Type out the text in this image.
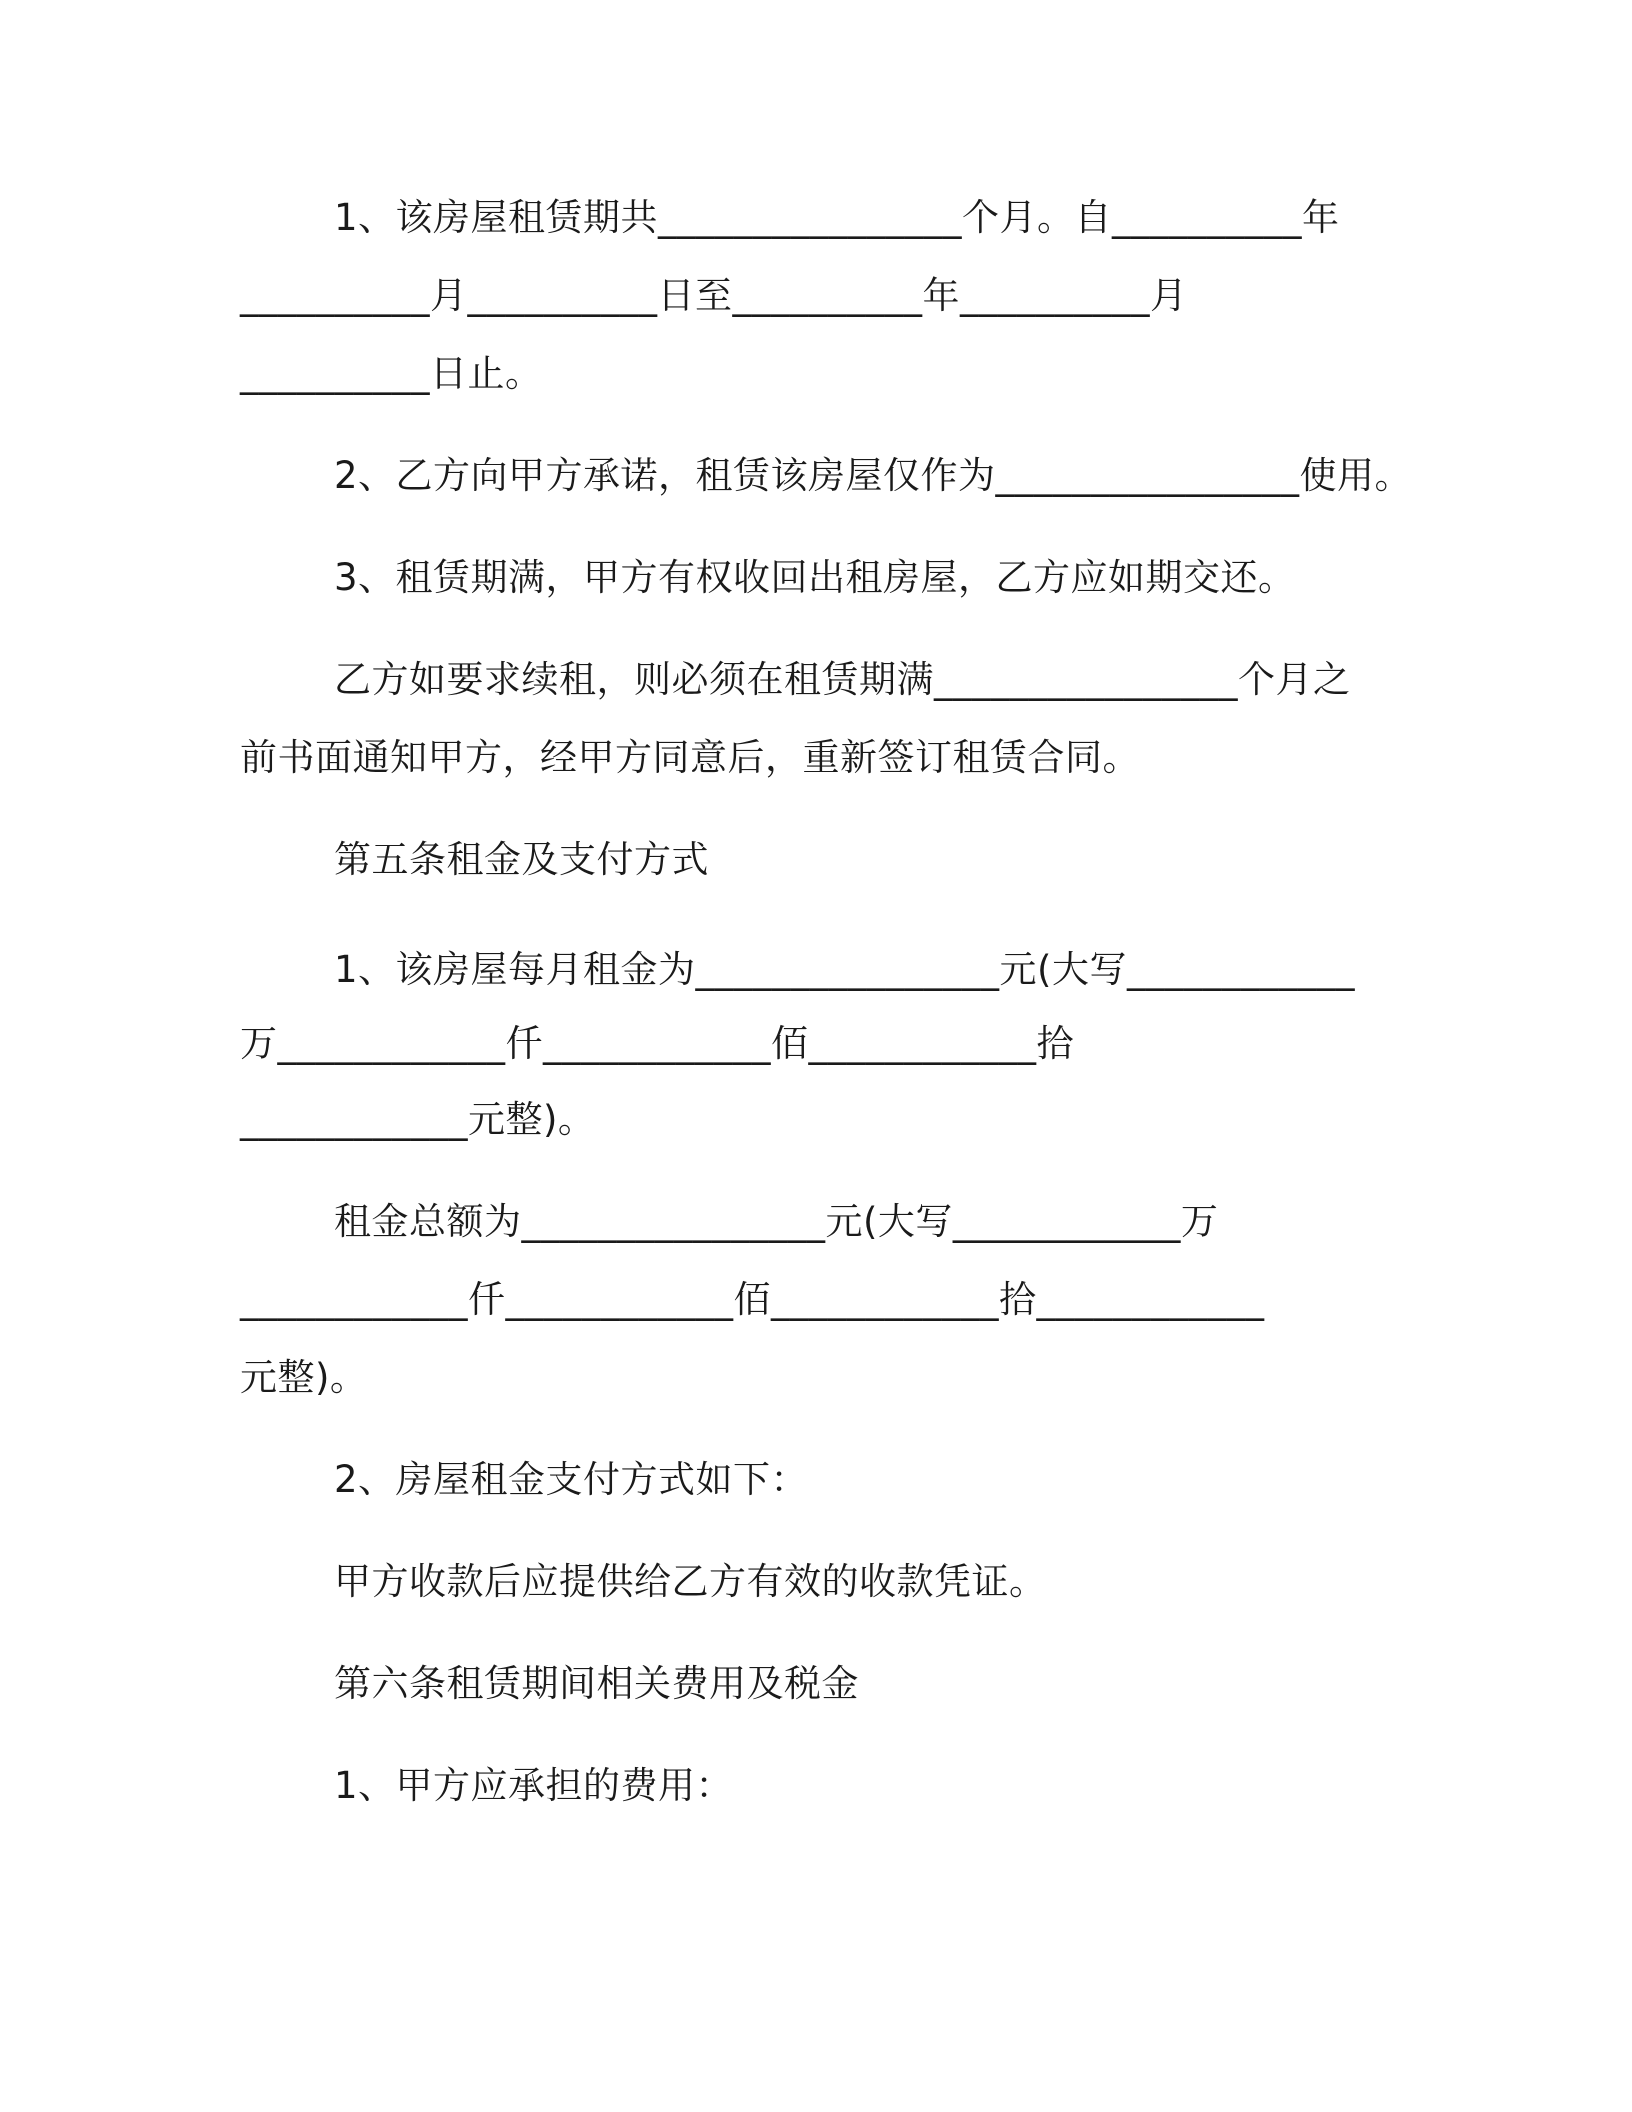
1、该房屋租赁期共________________个月。自__________年
__________月__________日至__________年__________月
__________日止。
2、乙方向甲方承诺，租赁该房屋仅作为________________使用。
3、租赁期满，甲方有权收回出租房屋，乙方应如期交还。
乙方如要求续租，则必须在租赁期满________________个月之
前书面通知甲方，经甲方同意后，重新签订租赁合同。
第五条租金及支付方式
1、该房屋每月租金为________________元(大写____________
万____________仟____________佰____________拾
____________元整)。
租金总额为________________元(大写____________万
____________仟____________佰____________拾____________
元整)。
2、房屋租金支付方式如下：
甲方收款后应提供给乙方有效的收款凭证。
第六条租赁期间相关费用及税金
1、甲方应承担的费用：
